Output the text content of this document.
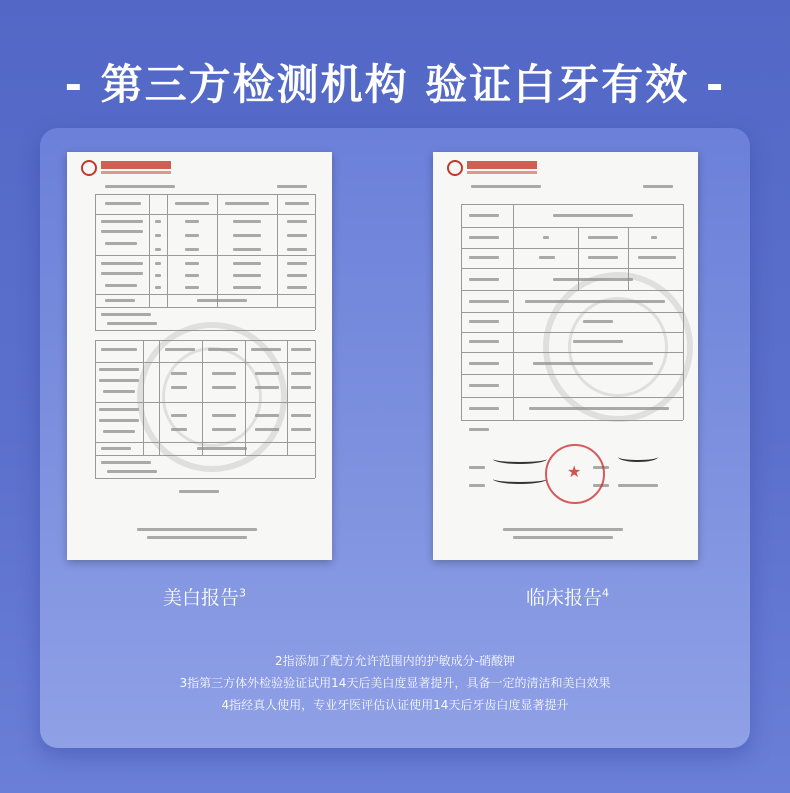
- 第三方检测机构 验证白牙有效 -
★
美白报告$^3$	临床报告$^4$
2指添加了配方允许范围内的护敏成分-硝酸钾
3指第三方体外检验验证试用14天后美白度显著提升，具备一定的清洁和美白效果
4指经真人使用，专业牙医评估认证使用14天后牙齿白度显著提升
